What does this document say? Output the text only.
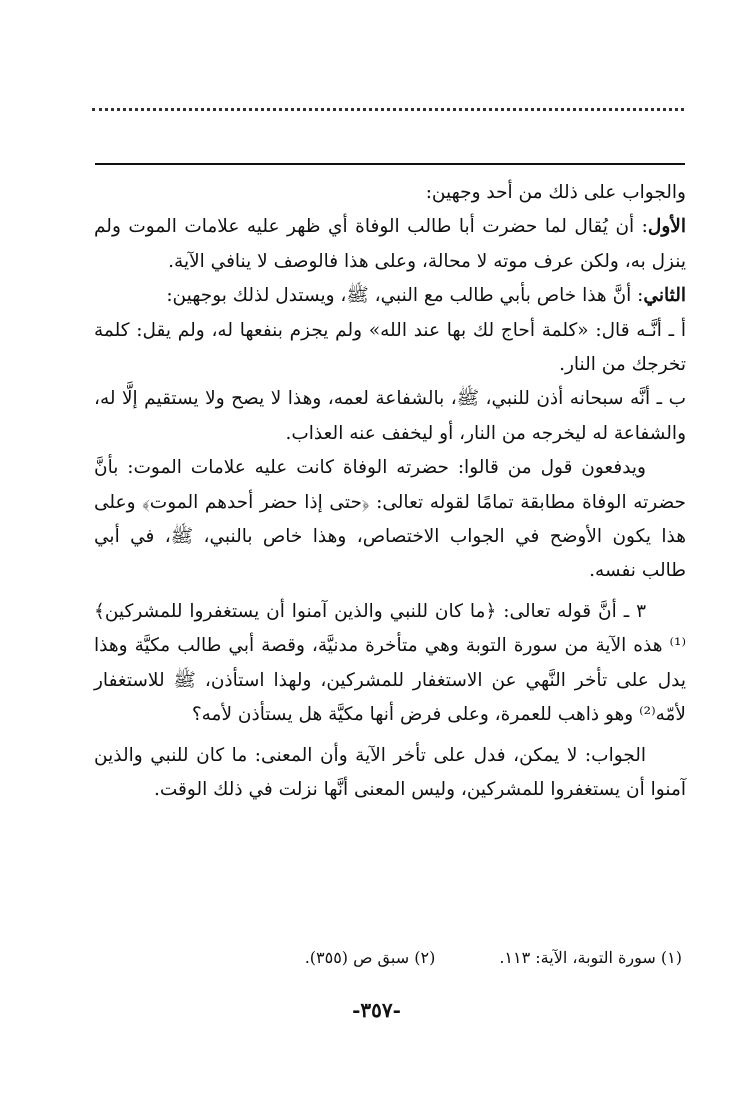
والجواب على ذلك من أحد وجهين:

الأول: أن يُقال لما حضرت أبا طالب الوفاة أي ظهر عليه علامات الموت ولم ينزل به، ولكن عرف موته لا محالة، وعلى هذا فالوصف لا ينافي الآية.

الثاني: أنَّ هذا خاص بأبي طالب مع النبي، ﷺ، ويستدل لذلك بوجهين:

أ ـ أنَّـه قال: «كلمة أحاج لك بها عند الله» ولم يجزم بنفعها له، ولم يقل: كلمة تخرجك من النار.

ب ـ أنَّه سبحانه أذن للنبي، ﷺ، بالشفاعة لعمه، وهذا لا يصح ولا يستقيم إلَّا له، والشفاعة له ليخرجه من النار، أو ليخفف عنه العذاب.

ويدفعون قول من قالوا: حضرته الوفاة كانت عليه علامات الموت: بأنَّ حضرته الوفاة مطابقة تمامًا لقوله تعالى: ﴿حتى إذا حضر أحدهم الموت﴾ وعلى هذا يكون الأوضح في الجواب الاختصاص، وهذا خاص بالنبي، ﷺ، في أبي طالب نفسه.

٣ ـ أنَّ قوله تعالى: ﴿ما كان للنبي والذين آمنوا أن يستغفروا للمشركين﴾⁽¹⁾ هذه الآية من سورة التوبة وهي متأخرة مدنيَّة، وقصة أبي طالب مكيَّة وهذا يدل على تأخر النَّهي عن الاستغفار للمشركين، ولهذا استأذن، ﷺ للاستغفار لأمّه⁽²⁾ وهو ذاهب للعمرة، وعلى فرض أنها مكيَّة هل يستأذن لأمه؟

الجواب: لا يمكن، فدل على تأخر الآية وأن المعنى: ما كان للنبي والذين آمنوا أن يستغفروا للمشركين، وليس المعنى أنَّها نزلت في ذلك الوقت.

(١) سورة التوبة، الآية: ١١٣.
(٢) سبق ص (٣٥٥).
-٣٥٧-
